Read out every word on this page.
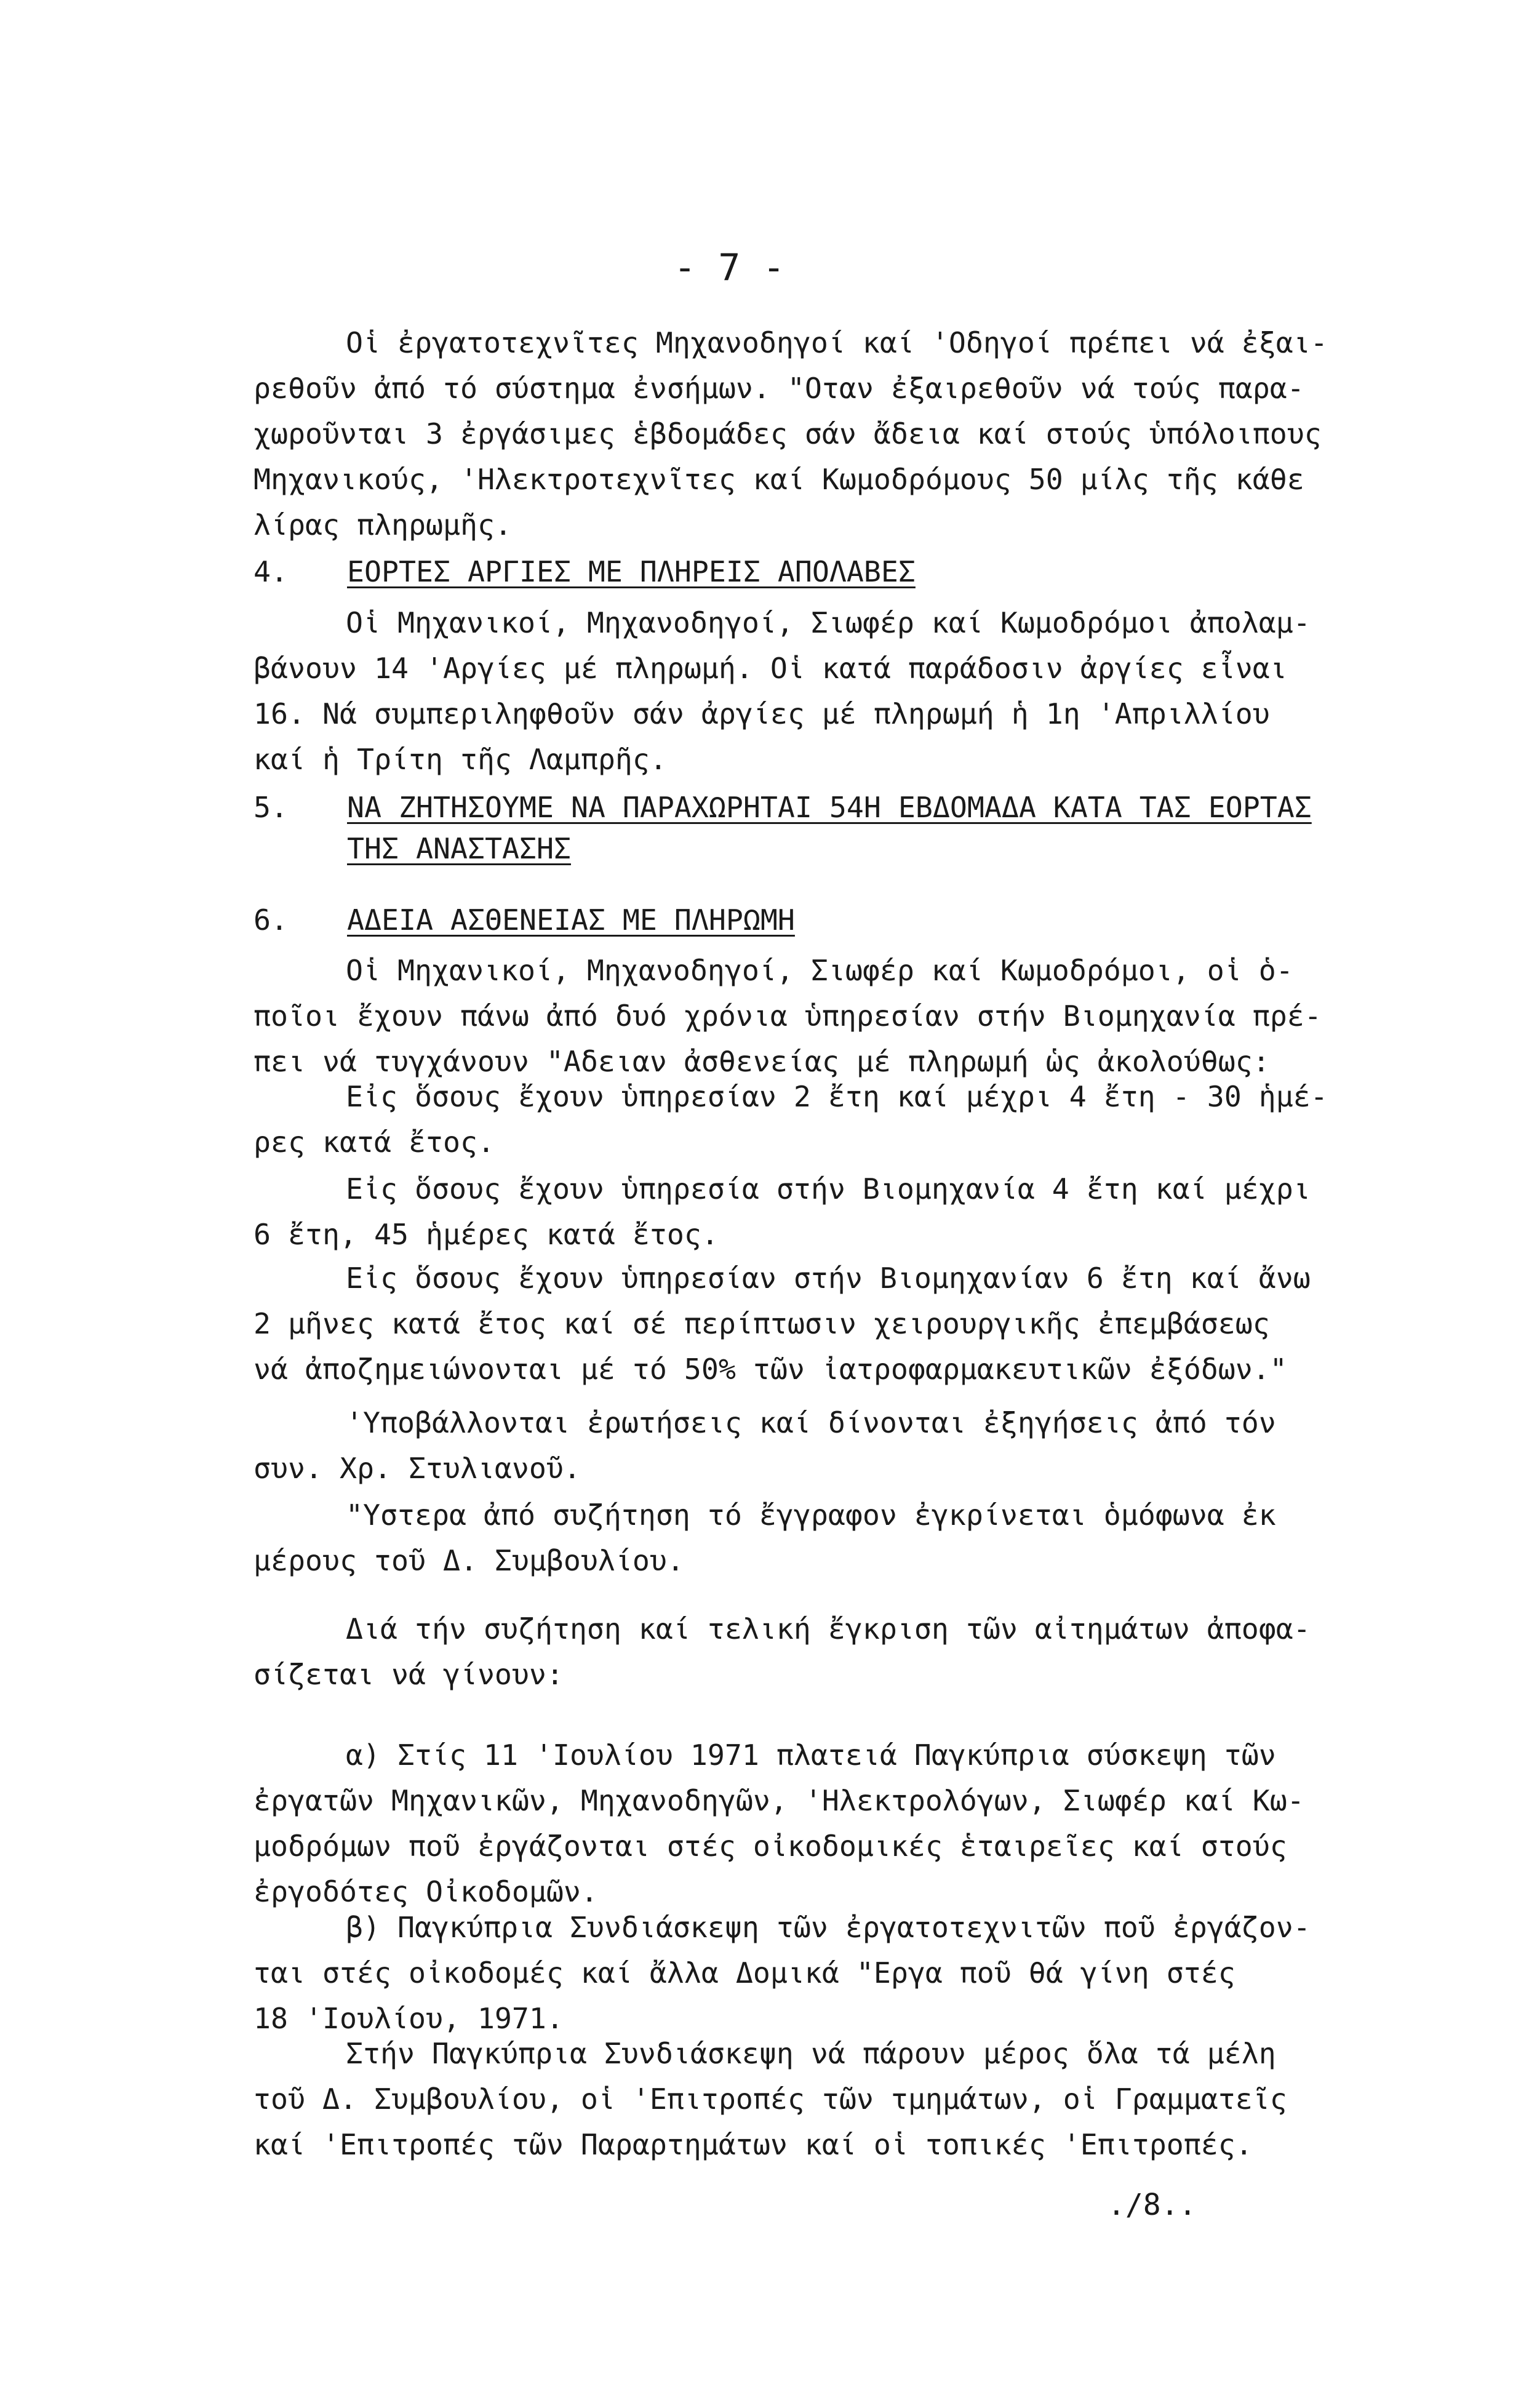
- 7 -

Οἱ ἐργατοτεχνῖτες Μηχανοδηγοί καί 'Οδηγοί πρέπει νά ἐξαι-

ρεθοῦν ἀπό τό σύστημα ἐνσήμων. "Οταν ἐξαιρεθοῦν νά τούς παρα-

χωροῦνται 3 ἐργάσιμες ἑβδομάδες σάν ἄδεια καί στούς ὑπόλοιπους

Μηχανικούς, 'Ηλεκτροτεχνῖτες καί Κωμοδρόμους 50 μίλς τῆς κάθε

λίρας πληρωμῆς.

4. ΕΟΡΤΕΣ ΑΡΓΙΕΣ ΜΕ ΠΛΗΡΕΙΣ ΑΠΟΛΑΒΕΣ

Οἱ Μηχανικοί, Μηχανοδηγοί, Σιωφέρ καί Κωμοδρόμοι ἀπολαμ-

βάνουν 14 'Αργίες μέ πληρωμή. Οἱ κατά παράδοσιν ἀργίες εἶναι

16. Νά συμπεριληφθοῦν σάν ἀργίες μέ πληρωμή ἡ 1η 'Απριλλίου

καί ἡ Τρίτη τῆς Λαμπρῆς.

5. ΝΑ ΖΗΤΗΣΟΥΜΕ ΝΑ ΠΑΡΑΧΩΡΗΤΑΙ 54Η ΕΒΔΟΜΑΔΑ ΚΑΤΑ ΤΑΣ ΕΟΡΤΑΣ
ΤΗΣ ΑΝΑΣΤΑΣΗΣ
6. ΑΔΕΙΑ ΑΣΘΕΝΕΙΑΣ ΜΕ ΠΛΗΡΩΜΗ

Οἱ Μηχανικοί, Μηχανοδηγοί, Σιωφέρ καί Κωμοδρόμοι, οἱ ὁ-

ποῖοι ἔχουν πάνω ἀπό δυό χρόνια ὑπηρεσίαν στήν Βιομηχανία πρέ-

πει νά τυγχάνουν "Αδειαν ἀσθενείας μέ πληρωμή ὡς ἀκολούθως:

Εἰς ὅσους ἔχουν ὑπηρεσίαν 2 ἔτη καί μέχρι 4 ἔτη - 30 ἡμέ-

ρες κατά ἔτος.

Εἰς ὅσους ἔχουν ὑπηρεσία στήν Βιομηχανία 4 ἔτη καί μέχρι

6 ἔτη, 45 ἡμέρες κατά ἔτος.

Εἰς ὅσους ἔχουν ὑπηρεσίαν στήν Βιομηχανίαν 6 ἔτη καί ἄνω

2 μῆνες κατά ἔτος καί σέ περίπτωσιν χειρουργικῆς ἐπεμβάσεως

νά ἀποζημειώνονται μέ τό 50% τῶν ἰατροφαρμακευτικῶν ἐξόδων."

'Υποβάλλονται ἐρωτήσεις καί δίνονται ἐξηγήσεις ἀπό τόν

συν. Χρ. Στυλιανοῦ.

"Υστερα ἀπό συζήτηση τό ἔγγραφον ἐγκρίνεται ὁμόφωνα ἐκ

μέρους τοῦ Δ. Συμβουλίου.

Διά τήν συζήτηση καί τελική ἔγκριση τῶν αἰτημάτων ἀποφα-

σίζεται νά γίνουν:

α) Στίς 11 'Ιουλίου 1971 πλατειά Παγκύπρια σύσκεψη τῶν

ἐργατῶν Μηχανικῶν, Μηχανοδηγῶν, 'Ηλεκτρολόγων, Σιωφέρ καί Κω-

μοδρόμων ποῦ ἐργάζονται στές οἰκοδομικές ἑταιρεῖες καί στούς

ἐργοδότες Οἰκοδομῶν.

β) Παγκύπρια Συνδιάσκεψη τῶν ἐργατοτεχνιτῶν ποῦ ἐργάζον-

ται στές οἰκοδομές καί ἄλλα Δομικά "Εργα ποῦ θά γίνη στές

18 'Ιουλίου, 1971.

Στήν Παγκύπρια Συνδιάσκεψη νά πάρουν μέρος ὅλα τά μέλη

τοῦ Δ. Συμβουλίου, οἱ 'Επιτροπές τῶν τμημάτων, οἱ Γραμματεῖς

καί 'Επιτροπές τῶν Παραρτημάτων καί οἱ τοπικές 'Επιτροπές.

./8..
